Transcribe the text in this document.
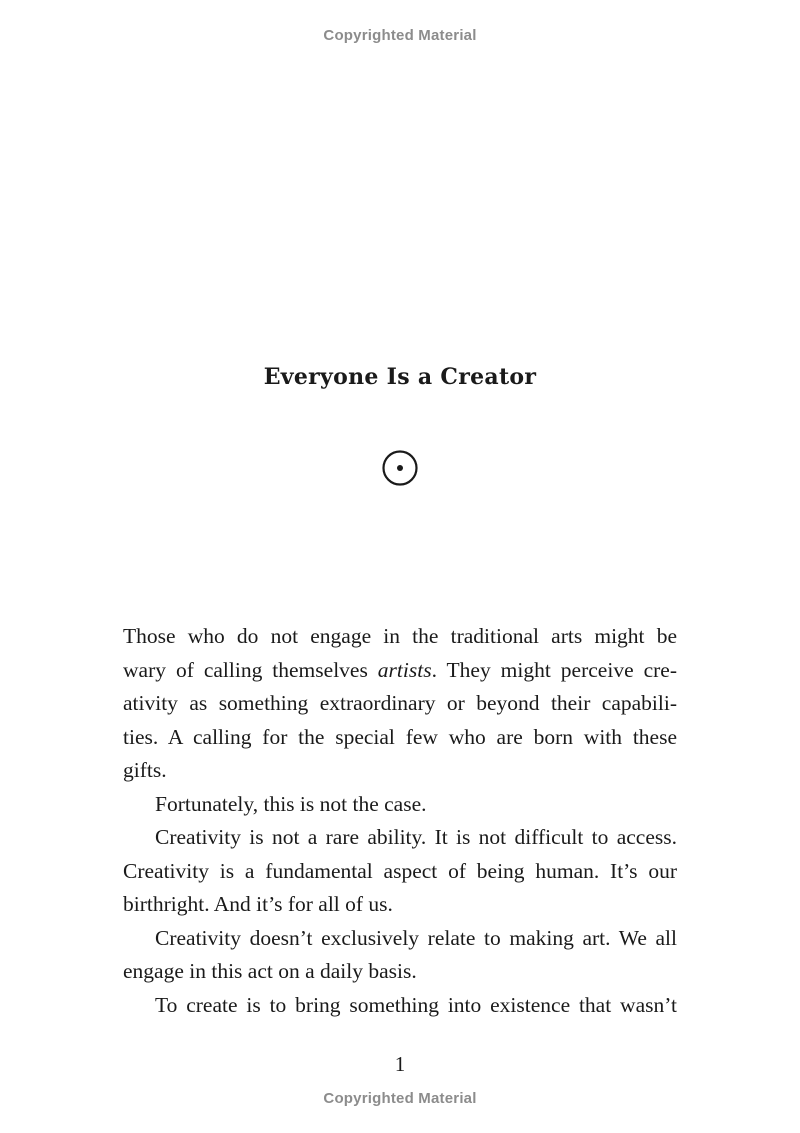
Copyrighted Material
Everyone Is a Creator
Those who do not engage in the traditional arts might be
wary of calling themselves artists. They might perceive cre-
ativity as something extraordinary or beyond their capabili-
ties. A calling for the special few who are born with these
gifts.

Fortunately, this is not the case.

Creativity is not a rare ability. It is not difficult to access.
Creativity is a fundamental aspect of being human. It’s our
birthright. And it’s for all of us.
Creativity doesn’t exclusively relate to making art. We all
engage in this act on a daily basis.
To create is to bring something into existence that wasn’t
1
Copyrighted Material
